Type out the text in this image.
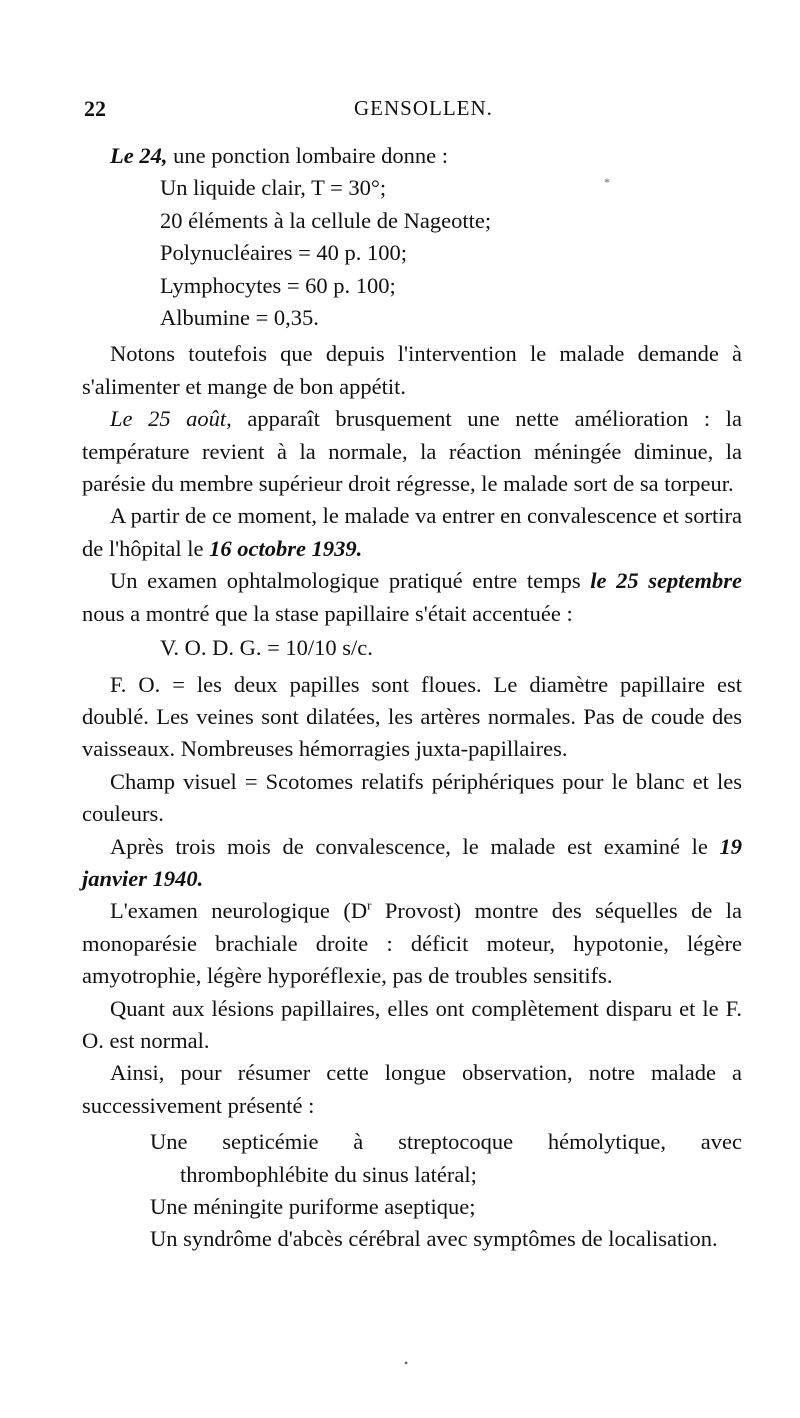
22	GENSOLLEN.

Le 24, une ponction lombaire donne :

Un liquide clair, T = 30°;

20 éléments à la cellule de Nageotte;

Polynucléaires = 40 p. 100;

Lymphocytes = 60 p. 100;

Albumine = 0,35.

Notons toutefois que depuis l'intervention le malade demande à s'alimenter et mange de bon appétit.

Le 25 août, apparaît brusquement une nette amélioration : la température revient à la normale, la réaction méningée diminue, la parésie du membre supérieur droit régresse, le malade sort de sa torpeur.

A partir de ce moment, le malade va entrer en convalescence et sortira de l'hôpital le 16 octobre 1939.

Un examen ophtalmologique pratiqué entre temps le 25 septembre nous a montré que la stase papillaire s'était accentuée :

V. O. D. G. = 10/10 s/c.

F. O. = les deux papilles sont floues. Le diamètre papillaire est doublé. Les veines sont dilatées, les artères normales. Pas de coude des vaisseaux. Nombreuses hémorragies juxta-papillaires.

Champ visuel = Scotomes relatifs périphériques pour le blanc et les couleurs.

Après trois mois de convalescence, le malade est examiné le 19 janvier 1940.

L'examen neurologique ($D^r$ Provost) montre des séquelles de la monoparésie brachiale droite : déficit moteur, hypotonie, légère amyotrophie, légère hyporéflexie, pas de troubles sensitifs.

Quant aux lésions papillaires, elles ont complètement disparu et le F. O. est normal.

Ainsi, pour résumer cette longue observation, notre malade a successivement présenté :

Une septicémie à streptocoque hémolytique, avec thrombophlébite du sinus latéral;

Une méningite puriforme aseptique;

Un syndrôme d'abcès cérébral avec symptômes de localisation.

•
*
